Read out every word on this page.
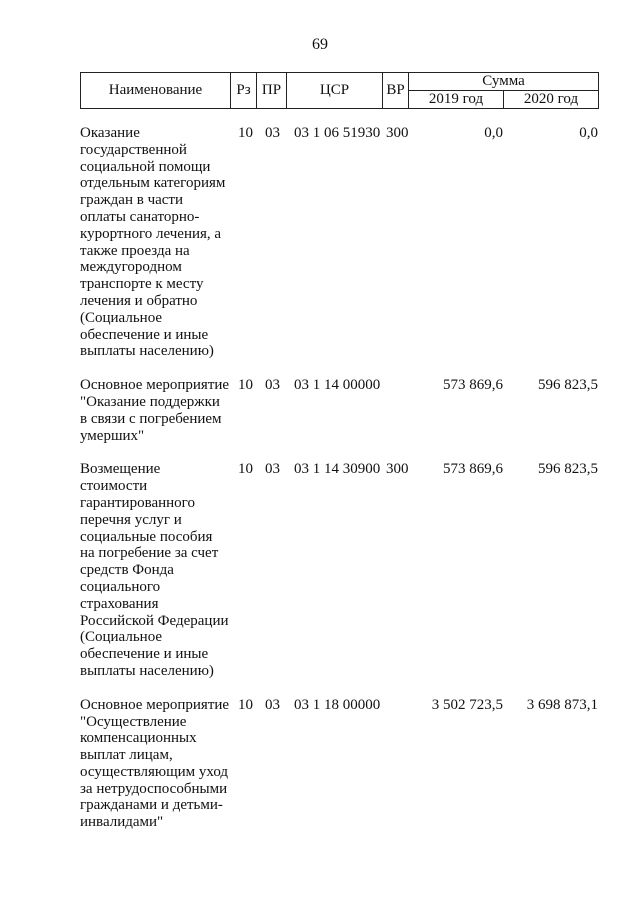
69
Наименование	Рз	ПР	ЦСР	ВР	Сумма	
					2019 год	2020 год
Оказание государственной социальной помощи отдельным категориям граждан в части оплаты санаторно-курортного лечения, а также проезда на междугородном транспорте к месту лечения и обратно (Социальное обеспечение и иные выплаты населению)	10	03	03 1 06 51930	300	0,0	0,0
Основное мероприятие "Оказание поддержки в связи с погребением умерших"	10	03	03 1 14 00000		573 869,6	596 823,5
Возмещение стоимости гарантированного перечня услуг и социальные пособия на погребение за счет средств Фонда социального страхования Российской Федерации (Социальное обеспечение и иные выплаты населению)	10	03	03 1 14 30900	300	573 869,6	596 823,5
Основное мероприятие "Осуществление компенсационных выплат лицам, осуществляющим уход за нетрудоспособными гражданами и детьми-инвалидами"	10	03	03 1 18 00000		3 502 723,5	3 698 873,1
